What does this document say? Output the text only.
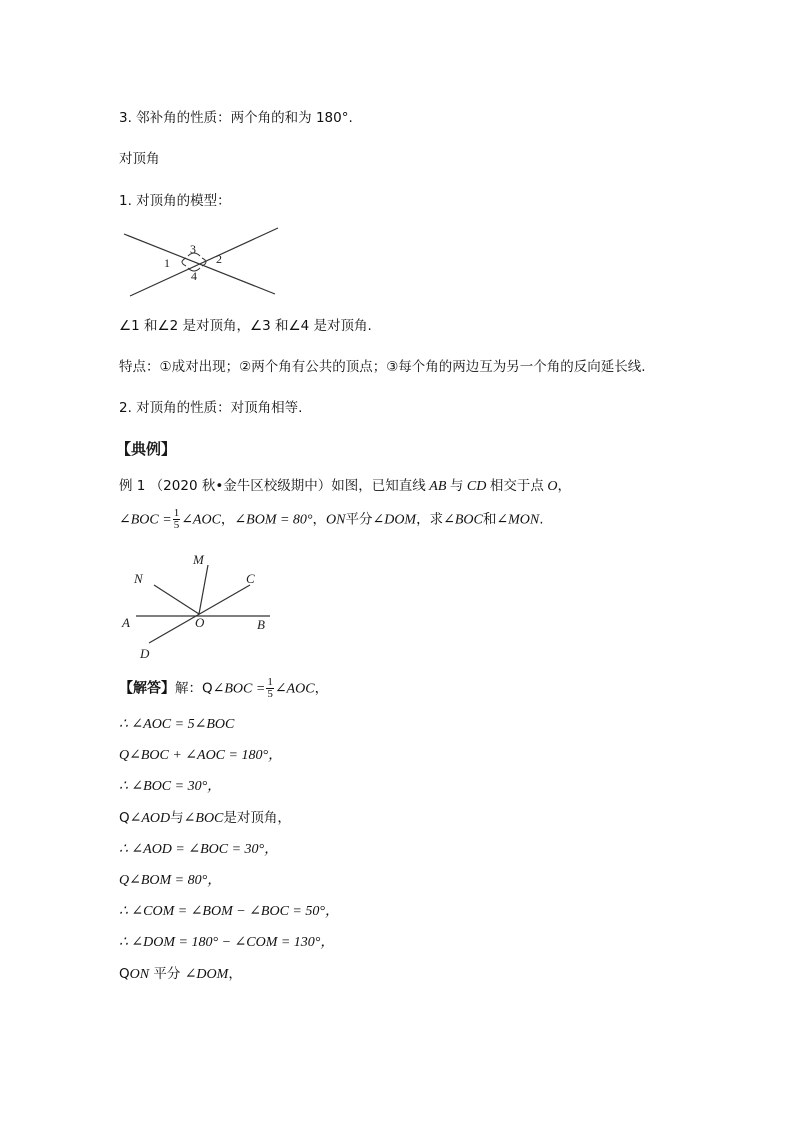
3. 邻补角的性质：两个角的和为 180°.
对顶角
1. 对顶角的模型：
1	2
3
4
∠1 和∠2 是对顶角，∠3 和∠4 是对顶角.
特点：①成对出现；②两个角有公共的顶点；③每个角的两边互为另一个角的反向延长线.
2. 对顶角的性质：对顶角相等.
【典例】
例 1 （2020 秋•金牛区校级期中）如图，已知直线 AB 与 CD 相交于点 O，
∠BOC = $\frac{1}{5}$ ∠AOC，∠BOM = 80°，ON平分∠DOM，求∠BOC和∠MON.
M
N	C
A	O	B
D
【解答】解：Q∠BOC = $\frac{1}{5}$ ∠AOC，
∴ ∠AOC = 5∠BOC
Q∠BOC + ∠AOC = 180°，
∴ ∠BOC = 30°，
Q∠AOD与∠BOC是对顶角，
∴ ∠AOD = ∠BOC = 30°，
Q∠BOM = 80°，
∴ ∠COM = ∠BOM − ∠BOC = 50°，
∴ ∠DOM = 180° − ∠COM = 130°，
QON 平分 ∠DOM，
